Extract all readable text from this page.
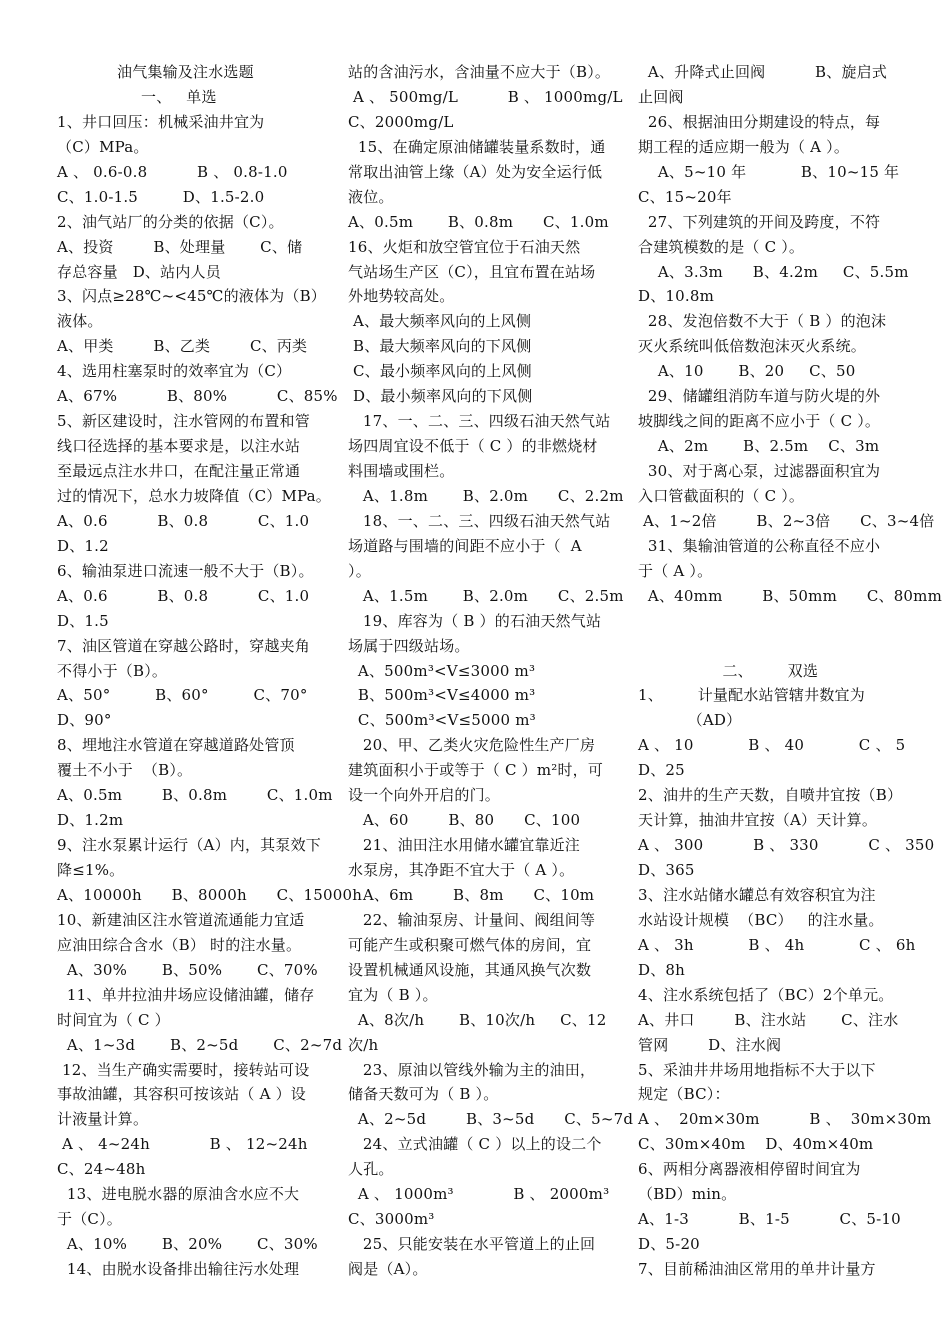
油气集输及注水选题
一、   单选
1、井口回压：机械采油井宜为
（C）MPa。
A 、 0.6-0.8          B 、 0.8-1.0
C、1.0-1.5         D、1.5-2.0
2、油气站厂的分类的依据（C）。
A、投资        B、处理量       C、储
存总容量   D、站内人员
3、闪点≥28℃~<45℃的液体为（B）
液体。
A、甲类        B、乙类        C、丙类
4、选用柱塞泵时的效率宜为（C）
A、67%          B、80%          C、85%
5、新区建设时，注水管网的布置和管
线口径选择的基本要求是，以注水站
至最远点注水井口，在配注量正常通
过的情况下，总水力坡降值（C）MPa。
A、0.6          B、0.8          C、1.0
D、1.2
6、输油泵进口流速一般不大于（B）。
A、0.6          B、0.8          C、1.0
D、1.5
7、油区管道在穿越公路时，穿越夹角
不得小于（B）。
A、50°         B、60°         C、70°
D、90°
8、埋地注水管道在穿越道路处管顶
覆土不小于  （B）。
A、0.5m        B、0.8m        C、1.0m
D、1.2m
9、注水泵累计运行（A）内，其泵效下
降≤1%。
A、10000h      B、8000h      C、15000h
10、新建油区注水管道流通能力宜适
应油田综合含水（B） 时的注水量。
A、30%       B、50%       C、70%
11、单井拉油井场应设储油罐，储存
时间宜为（ C ）
A、1~3d       B、2~5d       C、2~7d
12、当生产确实需要时，接转站可设
事故油罐，其容积可按该站（ A ）设
计液量计算。
A 、 4~24h            B 、 12~24h
C、24~48h
13、进电脱水器的原油含水应不大
于（C）。
A、10%       B、20%       C、30%
14、由脱水设备排出输往污水处理
站的含油污水，含油量不应大于（B）。
A 、 500mg/L          B 、 1000mg/L
C、2000mg/L
15、在确定原油储罐装量系数时，通
常取出油管上缘（A）处为安全运行低
液位。
A、0.5m       B、0.8m      C、1.0m
16、火炬和放空管宜位于石油天然
气站场生产区（C），且宜布置在站场
外地势较高处。
A、最大频率风向的上风侧
B、最大频率风向的下风侧
C、最小频率风向的上风侧
D、最小频率风向的下风侧
17、一、二、三、四级石油天然气站
场四周宜设不低于（ C ）的非燃烧材
料围墙或围栏。
A、1.8m       B、2.0m      C、2.2m
18、一、二、三、四级石油天然气站
场道路与围墙的间距不应小于（  A
）。
A、1.5m       B、2.0m      C、2.5m
19、库容为（ B ）的石油天然气站
场属于四级站场。
A、500m³<V≤3000 m³
B、500m³<V≤4000 m³
C、500m³<V≤5000 m³
20、甲、乙类火灾危险性生产厂房
建筑面积小于或等于（ C ）m²时，可
设一个向外开启的门。
A、60        B、80      C、100
21、油田注水用储水罐宜靠近注
水泵房，其净距不宜大于（ A ）。
A、6m        B、8m      C、10m
22、输油泵房、计量间、阀组间等
可能产生或积聚可燃气体的房间，宜
设置机械通风设施，其通风换气次数
宜为（ B ）。
A、8次/h       B、10次/h     C、12
次/h
23、原油以管线外输为主的油田，
储备天数可为（ B ）。
A、2~5d        B、3~5d      C、5~7d
24、立式油罐（ C ）以上的设二个
人孔。
A 、 1000m³            B 、 2000m³
C、3000m³
25、只能安装在水平管道上的止回
阀是（A）。
A、升降式止回阀          B、旋启式
止回阀
26、根据油田分期建设的特点，每
期工程的适应期一般为（ A ）。
A、5~10 年           B、10~15 年
C、15~20年
27、下列建筑的开间及跨度，不符
合建筑模数的是（ C ）。
A、3.3m      B、4.2m     C、5.5m
D、10.8m
28、发泡倍数不大于（ B ）的泡沫
灭火系统叫低倍数泡沫灭火系统。
A、10       B、20     C、50
29、储罐组消防车道与防火堤的外
坡脚线之间的距离不应小于（ C ）。
A、2m       B、2.5m    C、3m
30、对于离心泵，过滤器面积宜为
入口管截面积的（ C ）。
A、1~2倍        B、2~3倍      C、3~4倍
31、集输油管道的公称直径不应小
于（ A ）。
A、40mm        B、50mm      C、80mm
二、       双选
1、       计量配水站管辖井数宜为
（AD）
A 、 10           B 、 40           C 、 5
D、25
2、油井的生产天数，自喷井宜按（B）
天计算，抽油井宜按（A）天计算。
A 、 300          B 、 330          C 、 350
D、365
3、注水站储水罐总有效容积宜为注
水站设计规模  （BC）   的注水量。
A 、 3h           B 、 4h           C 、 6h
D、8h
4、注水系统包括了（BC）2个单元。
A、井口        B、注水站       C、注水
管网        D、注水阀
5、采油井井场用地指标不大于以下
规定（BC）：
A 、  20m×30m          B 、  30m×30m
C、30m×40m    D、40m×40m
6、两相分离器液相停留时间宜为
（BD）min。
A、1-3          B、1-5          C、5-10
D、5-20
7、目前稀油油区常用的单井计量方
